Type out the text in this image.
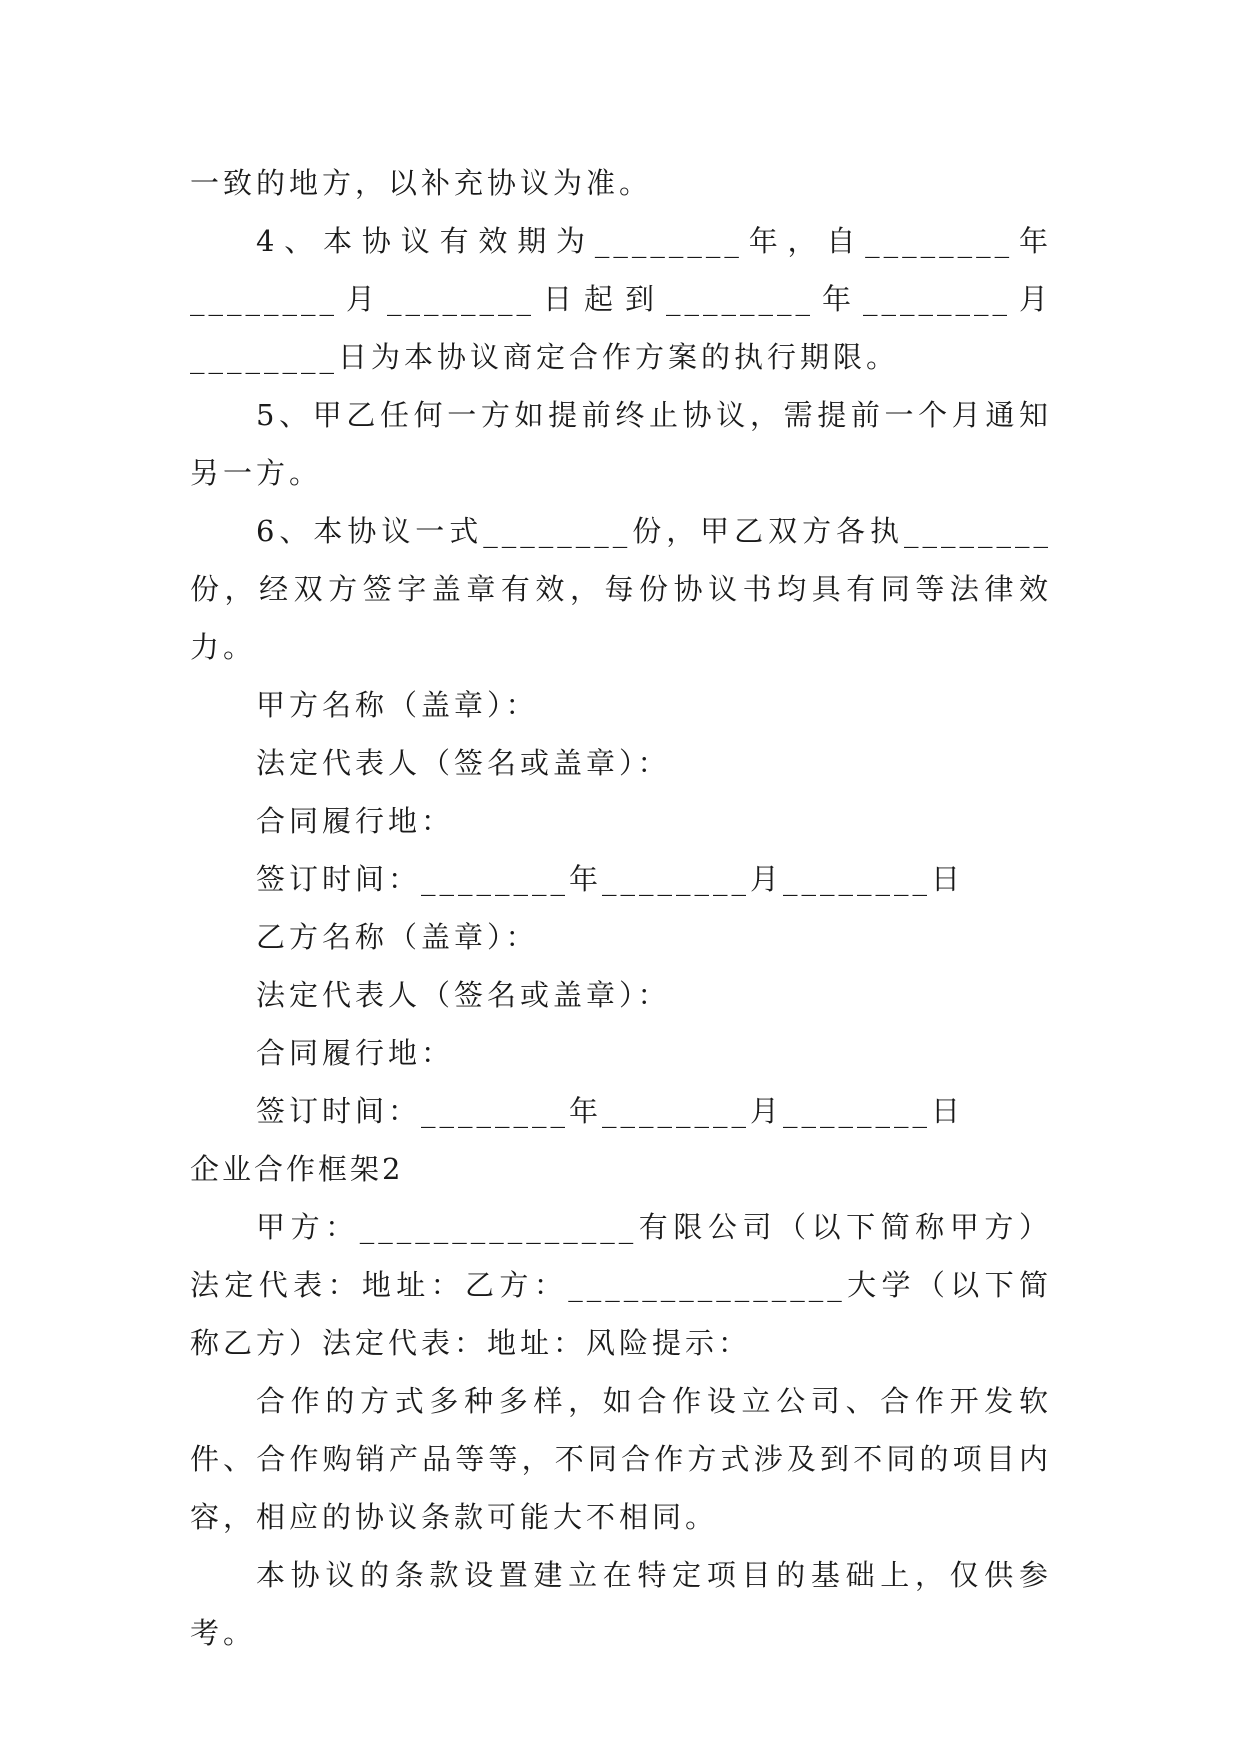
一致的地方，以补充协议为准。

4、本协议有效期为________年，自________年________月________日起到________年________月________日为本协议商定合作方案的执行期限。

5、甲乙任何一方如提前终止协议，需提前一个月通知另一方。

6、本协议一式________份，甲乙双方各执________份，经双方签字盖章有效，每份协议书均具有同等法律效力。

甲方名称（盖章）：

法定代表人（签名或盖章）：

合同履行地：

签订时间：________年________月________日

乙方名称（盖章）：

法定代表人（签名或盖章）：

合同履行地：

签订时间：________年________月________日

企业合作框架2

甲方：_______________有限公司（以下简称甲方）法定代表：地址：乙方：_______________大学（以下简称乙方）法定代表：地址：风险提示：

合作的方式多种多样，如合作设立公司、合作开发软件、合作购销产品等等，不同合作方式涉及到不同的项目内容，相应的协议条款可能大不相同。

本协议的条款设置建立在特定项目的基础上，仅供参考。
